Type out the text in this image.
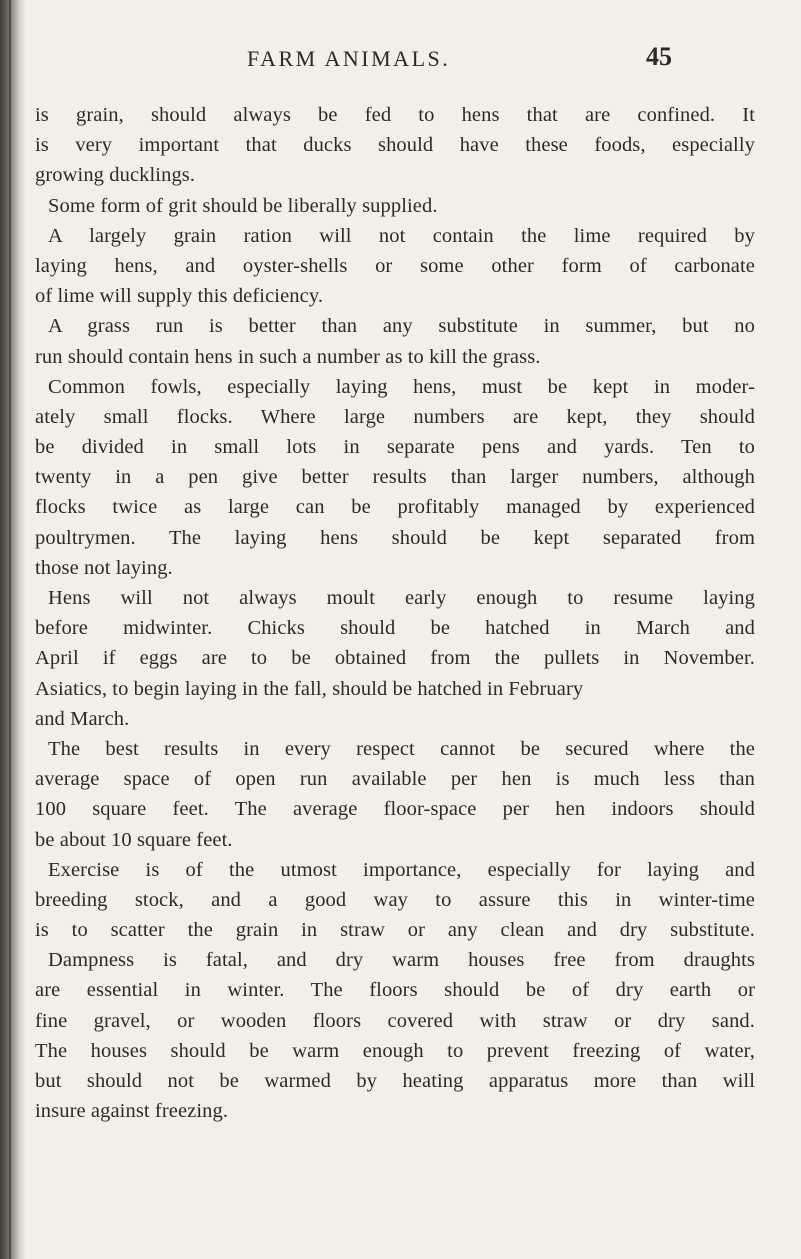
FARM ANIMALS.	45
is grain, should always be fed to hens that are confined. It
is very important that ducks should have these foods, especially
growing ducklings.
Some form of grit should be liberally supplied.
A largely grain ration will not contain the lime required by
laying hens, and oyster-shells or some other form of carbonate
of lime will supply this deficiency.
A grass run is better than any substitute in summer, but no
run should contain hens in such a number as to kill the grass.
Common fowls, especially laying hens, must be kept in moder-
ately small flocks. Where large numbers are kept, they should
be divided in small lots in separate pens and yards. Ten to
twenty in a pen give better results than larger numbers, although
flocks twice as large can be profitably managed by experienced
poultrymen. The laying hens should be kept separated from
those not laying.
Hens will not always moult early enough to resume laying
before midwinter. Chicks should be hatched in March and
April if eggs are to be obtained from the pullets in November.
Asiatics, to begin laying in the fall, should be hatched in February
and March.
The best results in every respect cannot be secured where the
average space of open run available per hen is much less than
100 square feet. The average floor-space per hen indoors should
be about 10 square feet.
Exercise is of the utmost importance, especially for laying and
breeding stock, and a good way to assure this in winter-time
is to scatter the grain in straw or any clean and dry substitute.
Dampness is fatal, and dry warm houses free from draughts
are essential in winter. The floors should be of dry earth or
fine gravel, or wooden floors covered with straw or dry sand.
The houses should be warm enough to prevent freezing of water,
but should not be warmed by heating apparatus more than will
insure against freezing.
